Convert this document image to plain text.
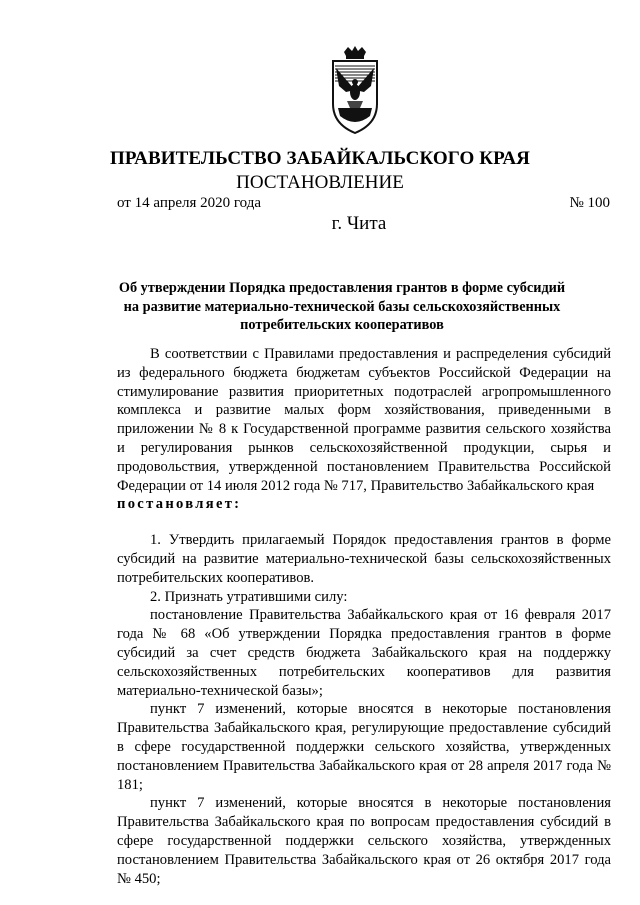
ПРАВИТЕЛЬСТВО ЗАБАЙКАЛЬСКОГО КРАЯ
ПОСТАНОВЛЕНИЕ
от 14 апреля 2020 года	№ 100
г. Чита
Об утверждении Порядка предоставления грантов в форме субсидий на развитие материально-технической базы сельскохозяйственных потребительских кооперативов

В соответствии с Правилами предоставления и распределения субсидий из федерального бюджета бюджетам субъектов Российской Федерации на стимулирование развития приоритетных подотраслей агропромышленного комплекса и развитие малых форм хозяйствования, приведенными в приложении № 8 к Государственной программе развития сельского хозяйства и регулирования рынков сельскохозяйственной продукции, сырья и продовольствия, утвержденной постановлением Правительства Российской Федерации от 14 июля 2012 года № 717, Правительство Забайкальского края
постановляет:

1. Утвердить прилагаемый Порядок предоставления грантов в форме субсидий на развитие материально-технической базы сельскохозяйственных потребительских кооперативов.

2. Признать утратившими силу:

постановление Правительства Забайкальского края от 16 февраля 2017 года № 68 «Об утверждении Порядка предоставления грантов в форме субсидий за счет средств бюджета Забайкальского края на поддержку сельскохозяйственных потребительских кооперативов для развития материально-технической базы»;

пункт 7 изменений, которые вносятся в некоторые постановления Правительства Забайкальского края, регулирующие предоставление субсидий в сфере государственной поддержки сельского хозяйства, утвержденных постановлением Правительства Забайкальского края от 28 апреля 2017 года № 181;

пункт 7 изменений, которые вносятся в некоторые постановления Правительства Забайкальского края по вопросам предоставления субсидий в сфере государственной поддержки сельского хозяйства, утвержденных постановлением Правительства Забайкальского края от 26 октября 2017 года № 450;
